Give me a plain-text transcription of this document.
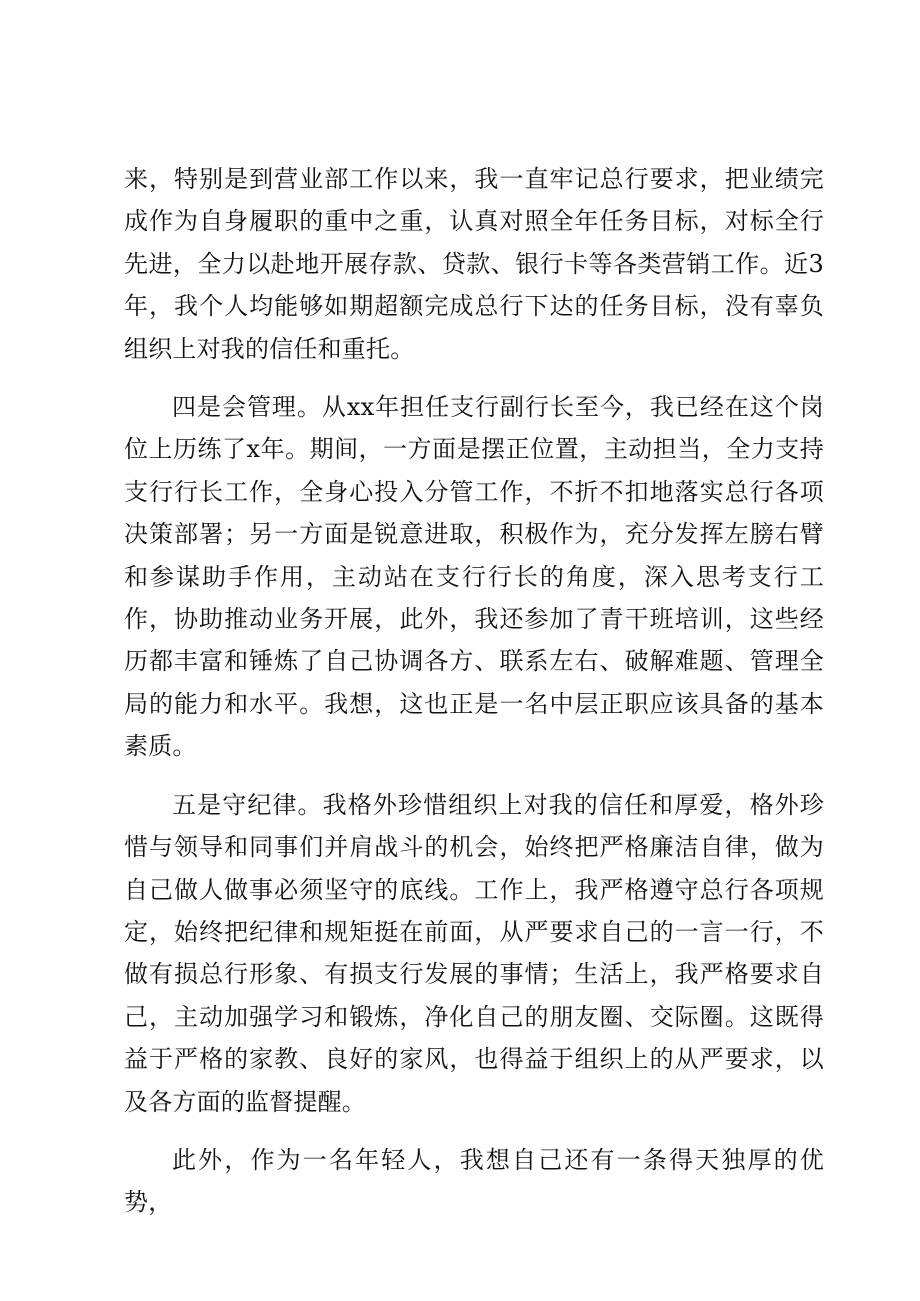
来，特别是到营业部工作以来，我一直牢记总行要求，把业绩完成作为自身履职的重中之重，认真对照全年任务目标，对标全行先进，全力以赴地开展存款、贷款、银行卡等各类营销工作。近3年，我个人均能够如期超额完成总行下达的任务目标，没有辜负组织上对我的信任和重托。

四是会管理。从xx年担任支行副行长至今，我已经在这个岗位上历练了x年。期间，一方面是摆正位置，主动担当，全力支持支行行长工作，全身心投入分管工作，不折不扣地落实总行各项决策部署；另一方面是锐意进取，积极作为，充分发挥左膀右臂和参谋助手作用，主动站在支行行长的角度，深入思考支行工作，协助推动业务开展，此外，我还参加了青干班培训，这些经历都丰富和锤炼了自己协调各方、联系左右、破解难题、管理全局的能力和水平。我想，这也正是一名中层正职应该具备的基本素质。

五是守纪律。我格外珍惜组织上对我的信任和厚爱，格外珍惜与领导和同事们并肩战斗的机会，始终把严格廉洁自律，做为自己做人做事必须坚守的底线。工作上，我严格遵守总行各项规定，始终把纪律和规矩挺在前面，从严要求自己的一言一行，不做有损总行形象、有损支行发展的事情；生活上，我严格要求自己，主动加强学习和锻炼，净化自己的朋友圈、交际圈。这既得益于严格的家教、良好的家风，也得益于组织上的从严要求，以及各方面的监督提醒。

此外，作为一名年轻人，我想自己还有一条得天独厚的优势，
